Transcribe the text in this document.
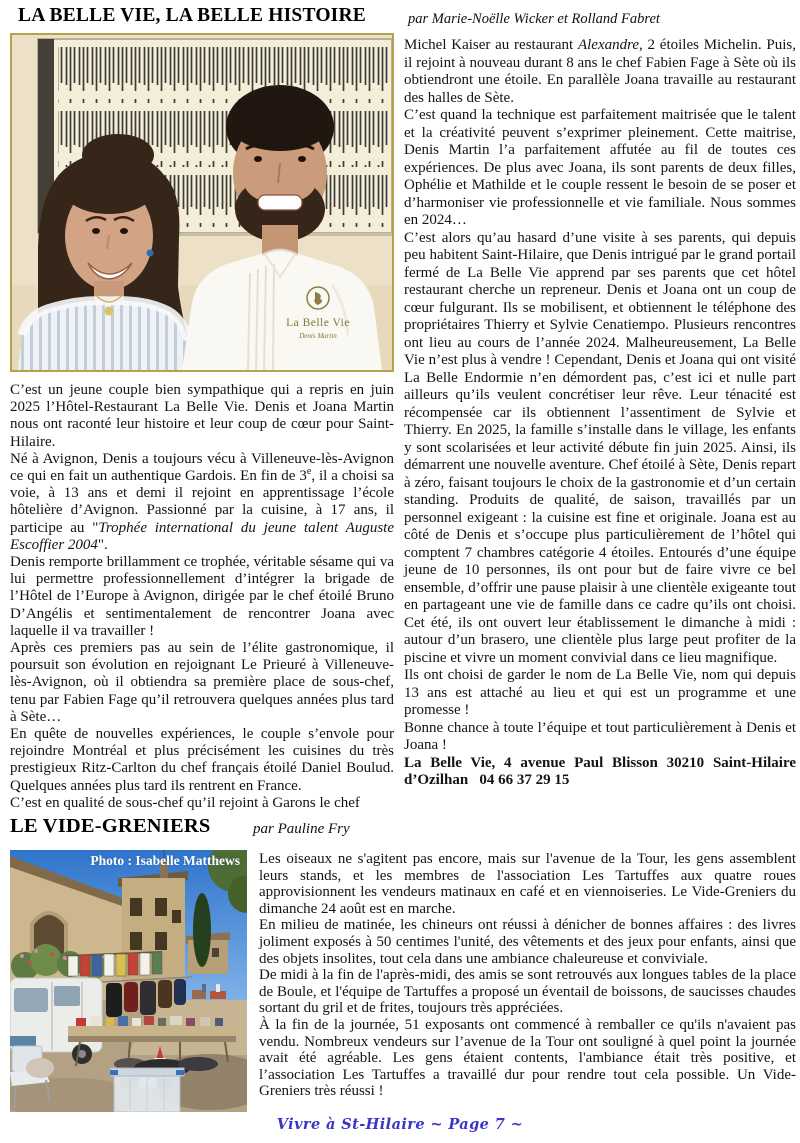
LA BELLE VIE, LA BELLE HISTOIRE	par Marie-Noëlle Wicker et Rolland Fabret
La Belle Vie
Denis Martin

C’est un jeune couple bien sympathique qui a repris en juin 2025 l’Hôtel-Restaurant La Belle Vie. Denis et Joana Martin nous ont raconté leur histoire et leur coup de cœur pour Saint-Hilaire.

Né à Avignon, Denis a toujours vécu à Villeneuve-lès-Avignon ce qui en fait un authentique Gardois. En fin de 3e, il a choisi sa voie, à 13 ans et demi il rejoint en apprentissage l’école hôtelière d’Avignon. Passionné par la cuisine, à 17 ans, il participe au "Trophée international du jeune talent Auguste Escoffier 2004".

Denis remporte brillamment ce trophée, véritable sésame qui va lui permettre professionnellement d’intégrer la brigade de l’Hôtel de l’Europe à Avignon, dirigée par le chef étoilé Bruno D’Angélis et sentimentalement de rencontrer Joana avec laquelle il va travailler !

Après ces premiers pas au sein de l’élite gastronomique, il poursuit son évolution en rejoignant Le Prieuré à Villeneuve-lès-Avignon, où il obtiendra sa première place de sous-chef, tenu par Fabien Fage qu’il retrouvera quelques années plus tard à Sète…

En quête de nouvelles expériences, le couple s’envole pour rejoindre Montréal et plus précisément les cuisines du très prestigieux Ritz-Carlton du chef français étoilé Daniel Boulud. Quelques années plus tard ils rentrent en France.

C’est en qualité de sous-chef qu’il rejoint à Garons le chef

Michel Kaiser au restaurant Alexandre, 2 étoiles Michelin. Puis, il rejoint à nouveau durant 8 ans le chef Fabien Fage à Sète où ils obtiendront une étoile. En parallèle Joana travaille au restaurant des halles de Sète.

C’est quand la technique est parfaitement maitrisée que le talent et la créativité peuvent s’exprimer pleinement. Cette maitrise, Denis Martin l’a parfaitement affutée au fil de toutes ces expériences. De plus avec Joana, ils sont parents de deux filles, Ophélie et Mathilde et le couple ressent le besoin de se poser et d’harmoniser vie professionnelle et vie familiale. Nous sommes en 2024…

C’est alors qu’au hasard d’une visite à ses parents, qui depuis peu habitent Saint-Hilaire, que Denis intrigué par le grand portail fermé de La Belle Vie apprend par ses parents que cet hôtel restaurant cherche un repreneur. Denis et Joana ont un coup de cœur fulgurant. Ils se mobilisent, et obtiennent le téléphone des propriétaires Thierry et Sylvie Cenatiempo. Plusieurs rencontres ont lieu au cours de l’année 2024. Malheureusement, La Belle Vie n’est plus à vendre ! Cependant, Denis et Joana qui ont visité La Belle Endormie n’en démordent pas, c’est ici et nulle part ailleurs qu’ils veulent concrétiser leur rêve. Leur ténacité est récompensée car ils obtiennent l’assentiment de Sylvie et Thierry. En 2025, la famille s’installe dans le village, les enfants y sont scolarisées et leur activité débute fin juin 2025. Ainsi, ils démarrent une nouvelle aventure. Chef étoilé à Sète, Denis repart à zéro, faisant toujours le choix de la gastronomie et d’un certain standing. Produits de qualité, de saison, travaillés par un personnel exigeant : la cuisine est fine et originale. Joana est au côté de Denis et s’occupe plus particulièrement de l’hôtel qui comptent 7 chambres catégorie 4 étoiles. Entourés d’une équipe jeune de 10 personnes, ils ont pour but de faire vivre ce bel ensemble, d’offrir une pause plaisir à une clientèle exigeante tout en partageant une vie de famille dans ce cadre qu’ils ont choisi. Cet été, ils ont ouvert leur établissement le dimanche à midi : autour d’un brasero, une clientèle plus large peut profiter de la piscine et vivre un moment convivial dans ce lieu magnifique.

Ils ont choisi de garder le nom de La Belle Vie, nom qui depuis 13 ans est attaché au lieu et qui est un programme et une promesse !

Bonne chance à toute l’équipe et tout particulièrement à Denis et Joana !

La Belle Vie, 4 avenue Paul Blisson 30210 Saint-Hilaire d’Ozilhan   04 66 37 29 15

LE VIDE-GRENIERS	par Pauline Fry
Photo : Isabelle Matthews Les oiseaux ne s'agitent pas encore, mais sur l'avenue de la Tour, les gens assemblent leurs stands, et les membres de l'association Les Tartuffes aux quatre roues approvisionnent les vendeurs matinaux en café et en viennoiseries. Le Vide-Greniers du dimanche 24 août est en marche.

En milieu de matinée, les chineurs ont réussi à dénicher de bonnes affaires : des livres joliment exposés à 50 centimes l'unité, des vêtements et des jeux pour enfants, ainsi que des objets insolites, tout cela dans une ambiance chaleureuse et conviviale.

De midi à la fin de l'après-midi, des amis se sont retrouvés aux longues tables de la place de Boule, et l'équipe de Tartuffes a proposé un éventail de boissons, de saucisses chaudes sortant du gril et de frites, toujours très appréciées.

À la fin de la journée, 51 exposants ont commencé à remballer ce qu'ils n'avaient pas vendu. Nombreux vendeurs sur l’avenue de la Tour ont souligné à quel point la journée avait été agréable. Les gens étaient contents, l'ambiance était très positive, et l’association Les Tartuffes a travaillé dur pour rendre tout cela possible. Un Vide-Greniers très réussi !

Vivre à St-Hilaire ~ Page 7 ~
